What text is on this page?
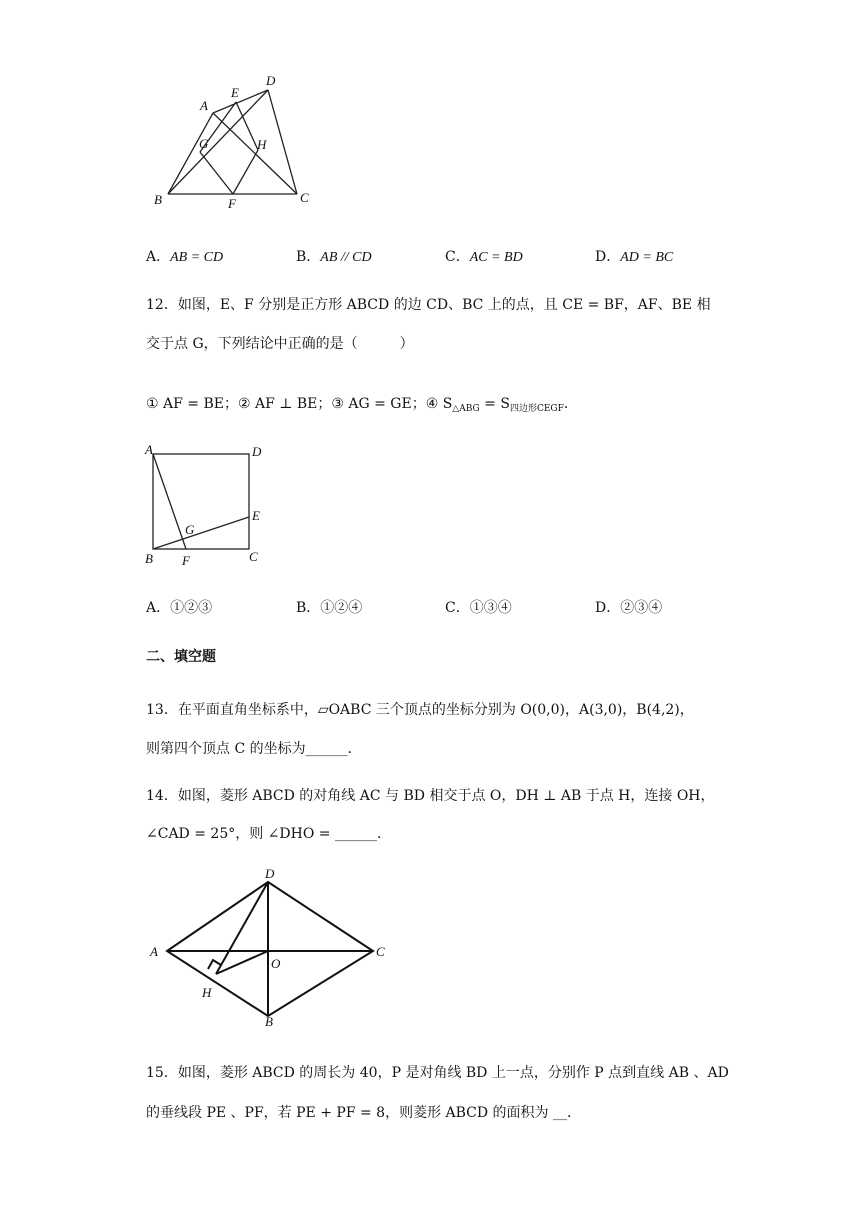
A
E
D
G	H
B	F	C
A．AB = CD	B．AB // CD	C．AC = BD	D．AD = BC
12．如图，E、F 分别是正方形 ABCD 的边 CD、BC 上的点，且 CE = BF，AF、BE 相
交于点 G，下列结论中正确的是（　　　）
① AF = BE；② AF ⊥ BE；③ AG = GE；④ $S_{\triangle ABG} = S_{四边形CEGF}$．
A	D
E
G
B F	C
A．①②③	B．①②④	C．①③④	D．②③④
二、填空题
13．在平面直角坐标系中，▱OABC 三个顶点的坐标分别为 O(0,0)，A(3,0)，B(4,2)，
则第四个顶点 C 的坐标为______．
14．如图，菱形 ABCD 的对角线 AC 与 BD 相交于点 O，DH ⊥ AB 于点 H，连接 OH，
∠CAD = 25°，则 ∠DHO = ______．
D
A
O
C
H
B
15．如图，菱形 ABCD 的周长为 40，P 是对角线 BD 上一点，分别作 P 点到直线 AB 、AD
的垂线段 PE 、PF，若 PE + PF = 8，则菱形 ABCD 的面积为 __．
